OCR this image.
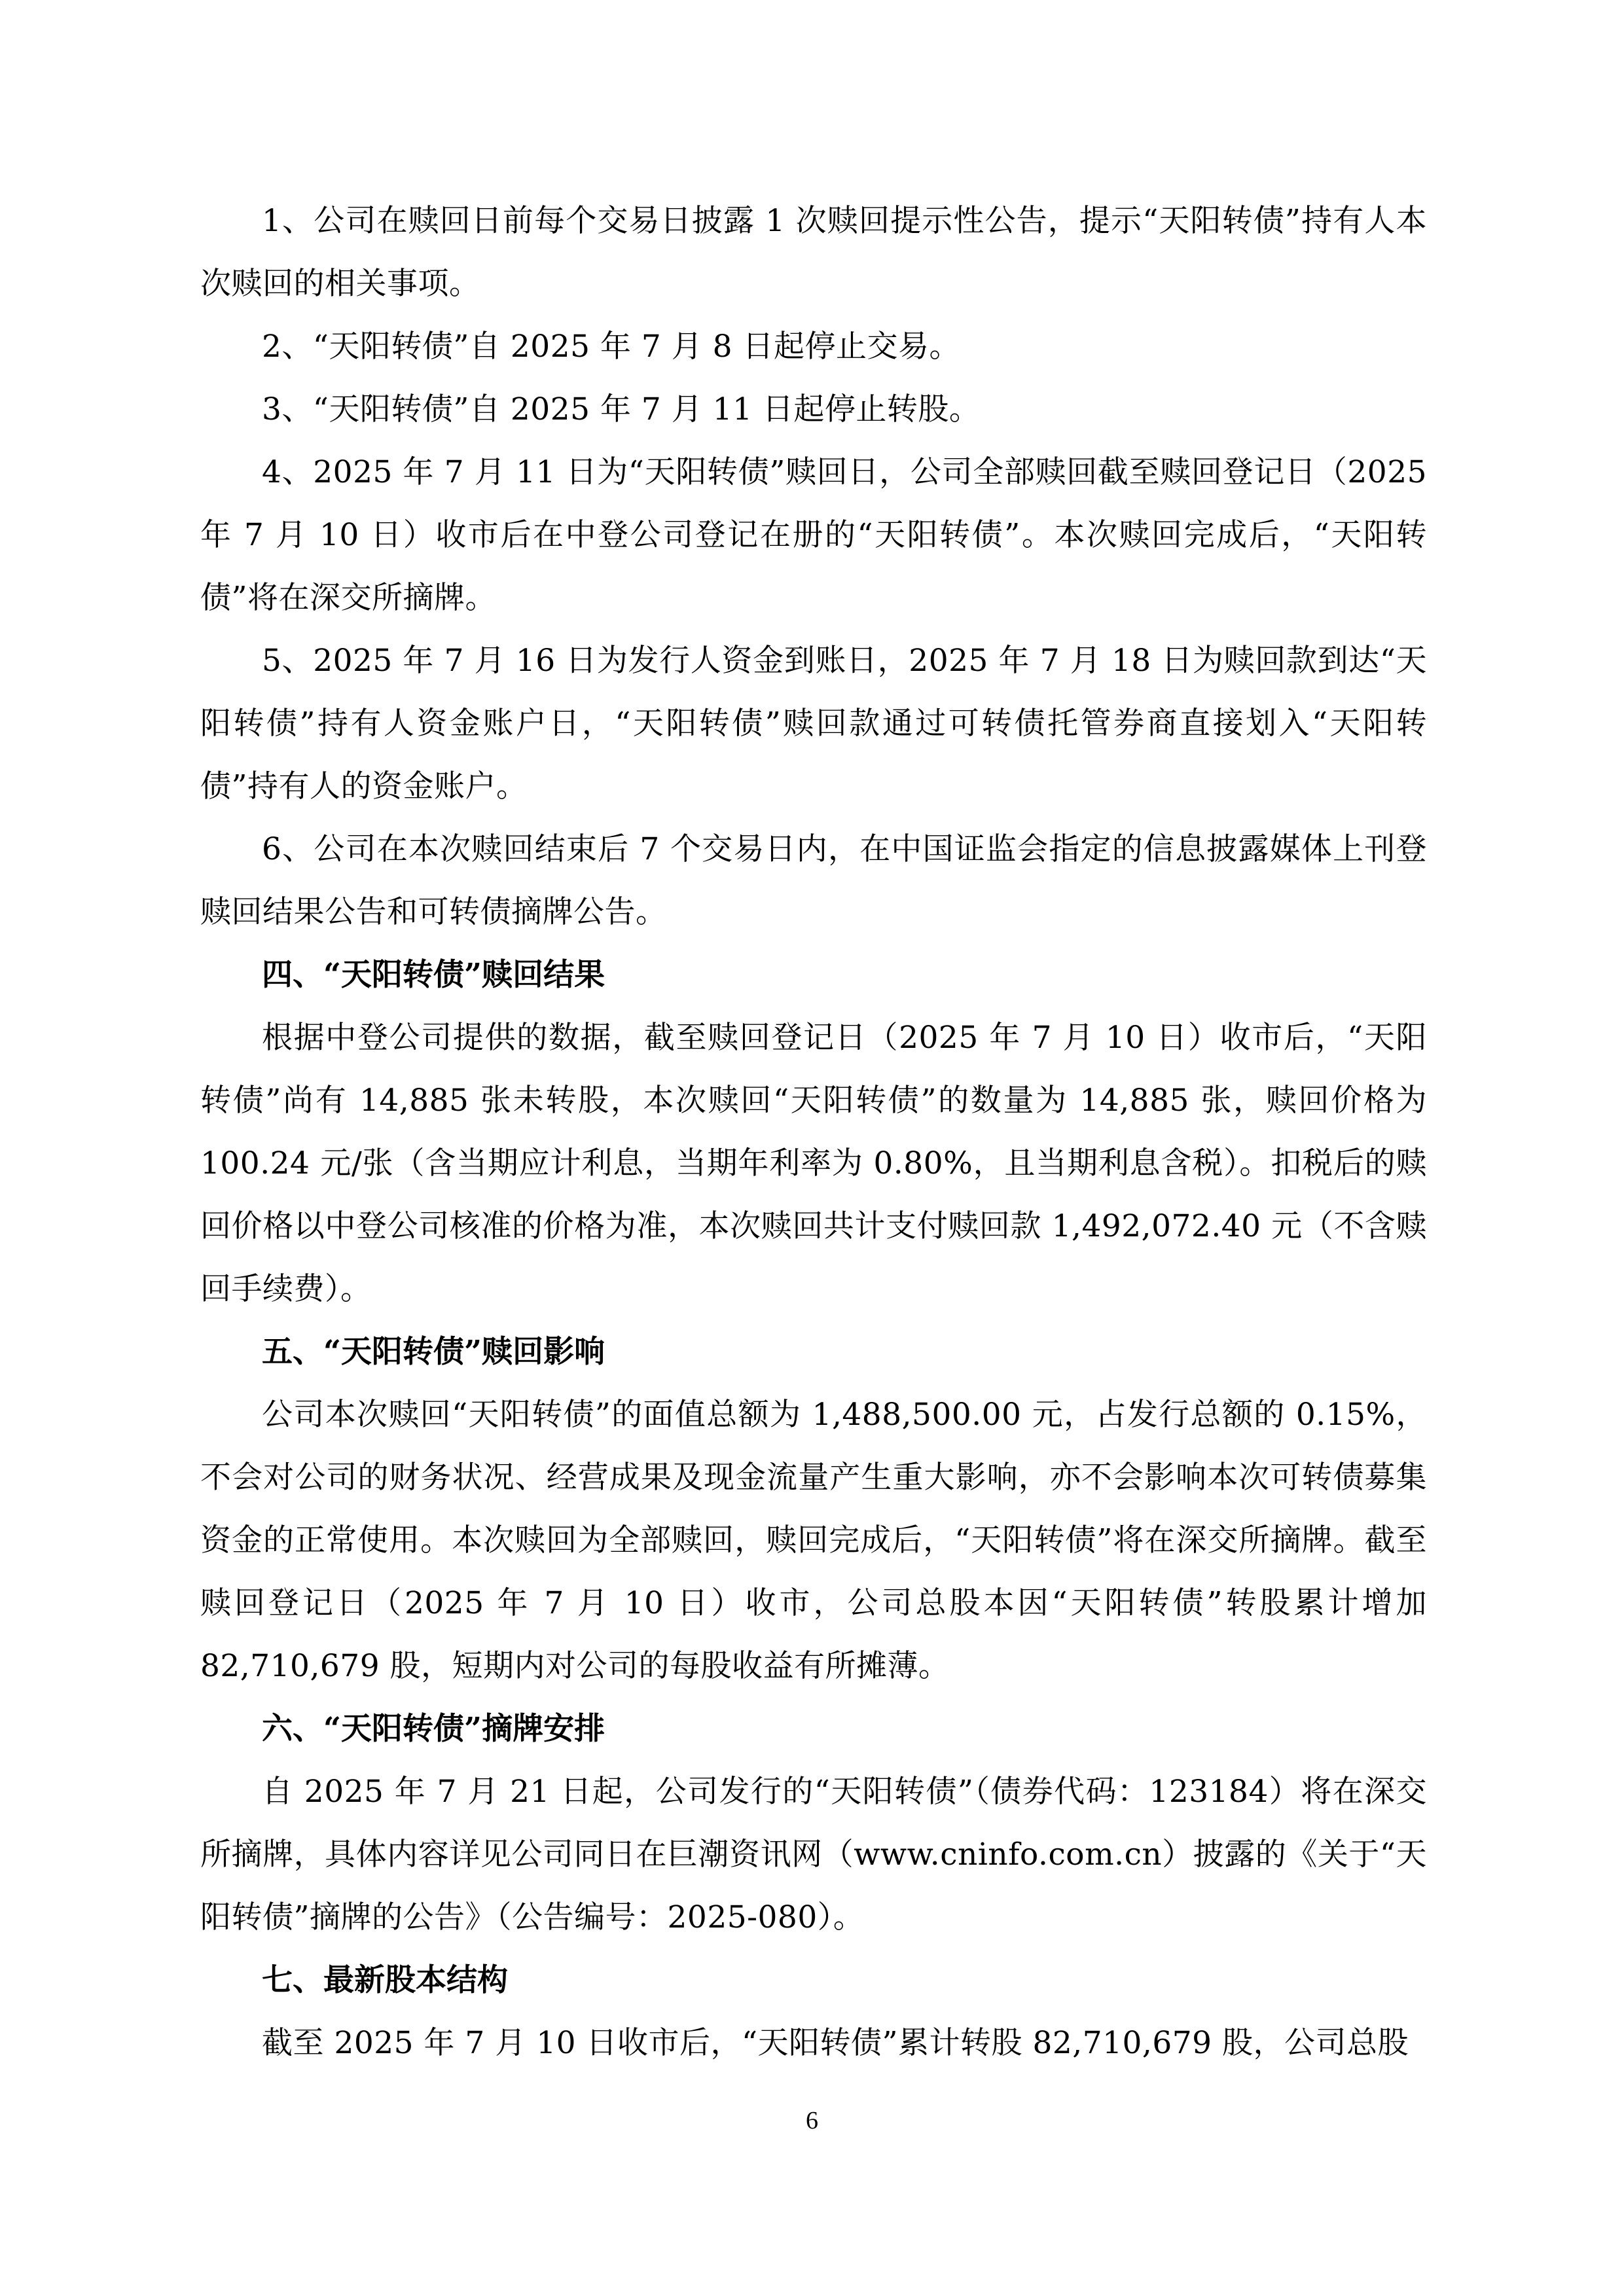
1、公司在赎回日前每个交易日披露 1 次赎回提示性公告，提示“天阳转债”持有人本次赎回的相关事项。

2、“天阳转债”自 2025 年 7 月 8 日起停止交易。

3、“天阳转债”自 2025 年 7 月 11 日起停止转股。

4、2025 年 7 月 11 日为“天阳转债”赎回日，公司全部赎回截至赎回登记日（2025 年 7 月 10 日）收市后在中登公司登记在册的“天阳转债”。本次赎回完成后，“天阳转债”将在深交所摘牌。

5、2025 年 7 月 16 日为发行人资金到账日，2025 年 7 月 18 日为赎回款到达“天阳转债”持有人资金账户日，“天阳转债”赎回款通过可转债托管券商直接划入“天阳转债”持有人的资金账户。

6、公司在本次赎回结束后 7 个交易日内，在中国证监会指定的信息披露媒体上刊登赎回结果公告和可转债摘牌公告。

四、“天阳转债”赎回结果

根据中登公司提供的数据，截至赎回登记日（2025 年 7 月 10 日）收市后，“天阳转债”尚有 14,885 张未转股，本次赎回“天阳转债”的数量为 14,885 张，赎回价格为 100.24 元/张（含当期应计利息，当期年利率为 0.80%，且当期利息含税）。扣税后的赎回价格以中登公司核准的价格为准，本次赎回共计支付赎回款 1,492,072.40 元（不含赎回手续费）。

五、“天阳转债”赎回影响

公司本次赎回“天阳转债”的面值总额为 1,488,500.00 元，占发行总额的 0.15%，不会对公司的财务状况、经营成果及现金流量产生重大影响，亦不会影响本次可转债募集资金的正常使用。本次赎回为全部赎回，赎回完成后，“天阳转债”将在深交所摘牌。截至赎回登记日（2025 年 7 月 10 日）收市，公司总股本因“天阳转债”转股累计增加 82,710,679 股，短期内对公司的每股收益有所摊薄。

六、“天阳转债”摘牌安排

自 2025 年 7 月 21 日起，公司发行的“天阳转债”（债券代码：123184）将在深交所摘牌，具体内容详见公司同日在巨潮资讯网（www.cninfo.com.cn）披露的《关于“天阳转债”摘牌的公告》（公告编号：2025-080）。

七、最新股本结构

截至 2025 年 7 月 10 日收市后，“天阳转债”累计转股 82,710,679 股，公司总股

6
